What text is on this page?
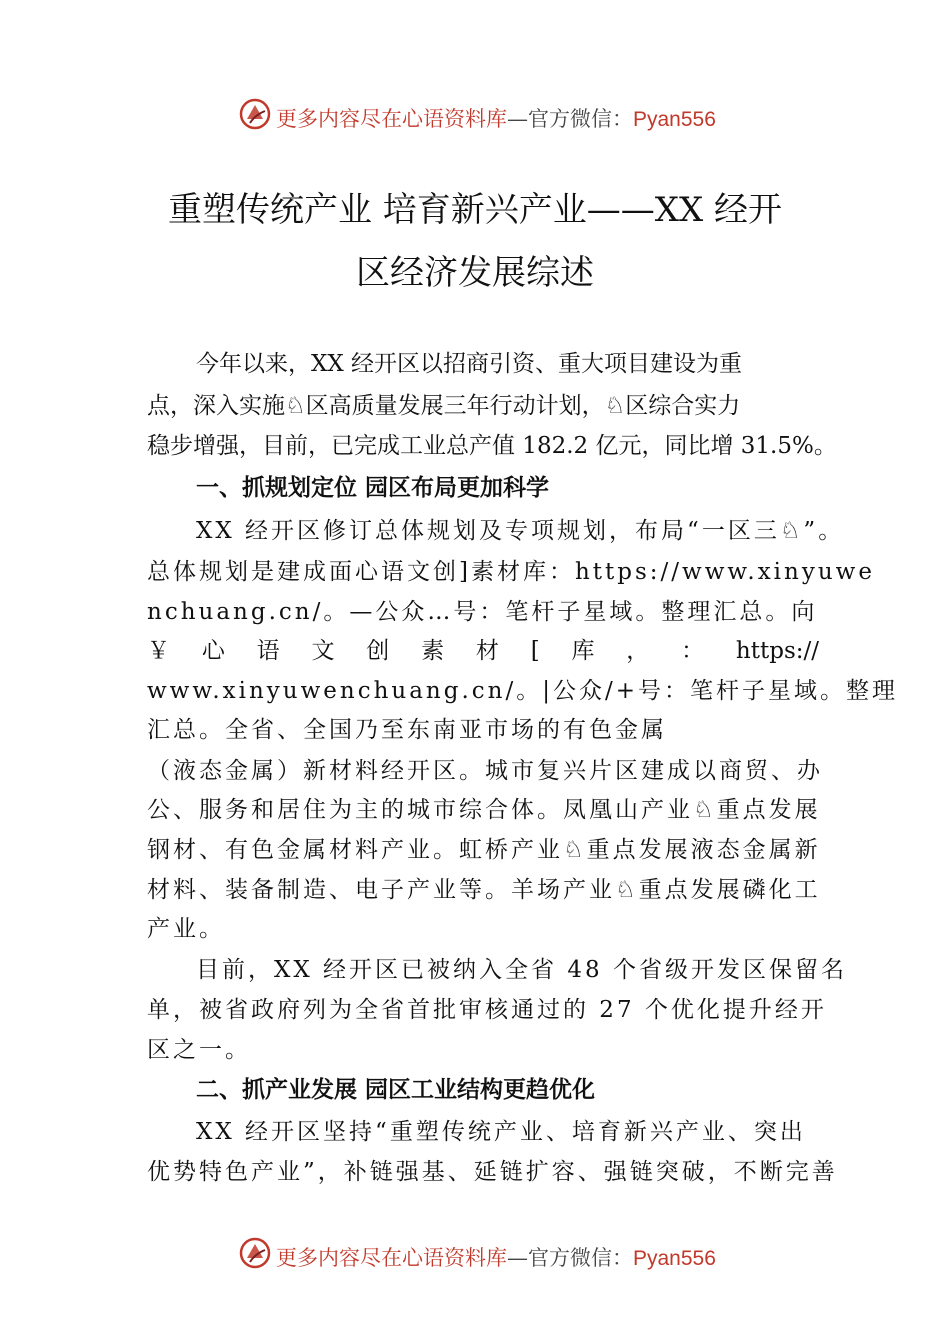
更多内容尽在心语资料库—官方微信：Pyan556
重塑传统产业 培育新兴产业——XX 经开
区经济发展综述
今年以来，XX 经开区以招商引资、重大项目建设为重
点，深入实施♘区高质量发展三年行动计划，♘区综合实力
稳步增强，目前，已完成工业总产值 182.2 亿元，同比增 31.5%。
一、抓规划定位 园区布局更加科学
XX 经开区修订总体规划及专项规划，布局“一区三♘”。
总体规划是建成面心语文创]素材库：https://www.xinyuwe
nchuang.cn/。—公众…号：笔杆子星域。整理汇总。向
￥ 心 语 文 创 素 材 [ 库 ， ： https://
www.xinyuwenchuang.cn/。|公众/+号：笔杆子星域。整理
汇总。全省、全国乃至东南亚市场的有色金属
（液态金属）新材料经开区。城市复兴片区建成以商贸、办
公、服务和居住为主的城市综合体。凤凰山产业♘重点发展
钢材、有色金属材料产业。虹桥产业♘重点发展液态金属新
材料、装备制造、电子产业等。羊场产业♘重点发展磷化工
产业。
目前，XX 经开区已被纳入全省 48 个省级开发区保留名
单，被省政府列为全省首批审核通过的 27 个优化提升经开
区之一。
二、抓产业发展 园区工业结构更趋优化
XX 经开区坚持“重塑传统产业、培育新兴产业、突出
优势特色产业”，补链强基、延链扩容、强链突破，不断完善
更多内容尽在心语资料库—官方微信：Pyan556
